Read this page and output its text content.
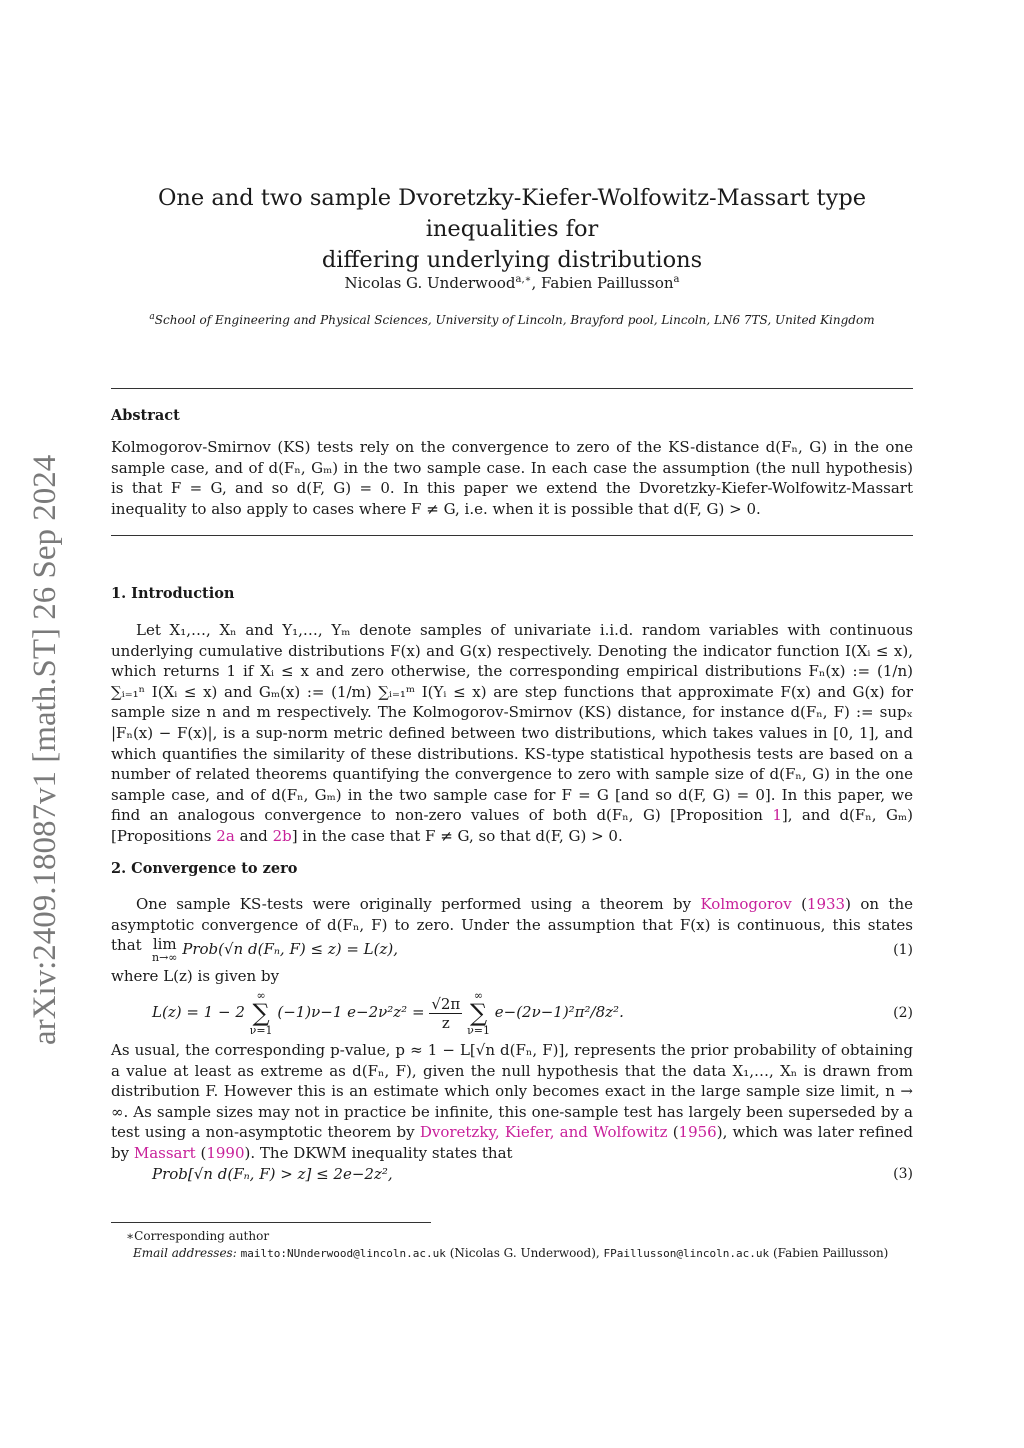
arXiv:2409.18087v1 [math.ST] 26 Sep 2024
One and two sample Dvoretzky-Kiefer-Wolfowitz-Massart type inequalities for
differing underlying distributions
Nicolas G. Underwood$^{a,∗}$, Fabien Paillusson$^a$
$^a$School of Engineering and Physical Sciences, University of Lincoln, Brayford pool, Lincoln, LN6 7TS, United Kingdom
Abstract
Kolmogorov-Smirnov (KS) tests rely on the convergence to zero of the KS-distance d(Fₙ, G) in the one sample case, and of d(Fₙ, Gₘ) in the two sample case. In each case the assumption (the null hypothesis) is that F = G, and so d(F, G) = 0. In this paper we extend the Dvoretzky-Kiefer-Wolfowitz-Massart inequality to also apply to cases where F ≠ G, i.e. when it is possible that d(F, G) > 0.
1. Introduction
Let X₁,…, Xₙ and Y₁,…, Yₘ denote samples of univariate i.i.d. random variables with continuous underlying cumulative distributions F(x) and G(x) respectively. Denoting the indicator function I(Xᵢ ≤ x), which returns 1 if Xᵢ ≤ x and zero otherwise, the corresponding empirical distributions Fₙ(x) := (1/n) ∑ᵢ₌₁ⁿ I(Xᵢ ≤ x) and Gₘ(x) := (1/m) ∑ᵢ₌₁ᵐ I(Yᵢ ≤ x) are step functions that approximate F(x) and G(x) for sample size n and m respectively. The Kolmogorov-Smirnov (KS) distance, for instance d(Fₙ, F) := supₓ |Fₙ(x) − F(x)|, is a sup-norm metric defined between two distributions, which takes values in [0, 1], and which quantifies the similarity of these distributions. KS-type statistical hypothesis tests are based on a number of related theorems quantifying the convergence to zero with sample size of d(Fₙ, G) in the one sample case, and of d(Fₙ, Gₘ) in the two sample case for F = G [and so d(F, G) = 0]. In this paper, we find an analogous convergence to non-zero values of both d(Fₙ, G) [Proposition 1], and d(Fₙ, Gₘ) [Propositions 2a and 2b] in the case that F ≠ G, so that d(F, G) > 0.
2. Convergence to zero
One sample KS-tests were originally performed using a theorem by Kolmogorov (1933) on the asymptotic convergence of d(Fₙ, F) to zero. Under the assumption that F(x) is continuous, this states that lim
n→∞ Prob(√n d(Fₙ, F) ≤ z) = L(z),	(1)
where L(z) is given by
L(z) = 1 − 2
∞
∑
ν=1
(−1)ν−1 $e-2\nu^2z^2 = \frac{√2\pi}{z}$
	∞
∑
ν=1
e−(2ν−1)²π²/8z².	(2)
As usual, the corresponding p-value, p ≈ 1 − L[√n d(Fₙ, F)], represents the prior probability of obtaining a value at least as extreme as d(Fₙ, F), given the null hypothesis that the data X₁,…, Xₙ is drawn from distribution F. However this is an estimate which only becomes exact in the large sample size limit, n → ∞. As sample sizes may not in practice be infinite, this one-sample test has largely been superseded by a test using a non-asymptotic theorem by Dvoretzky, Kiefer, and Wolfowitz (1956), which was later refined by Massart (1990). The DKWM inequality states that
Prob[√n d(Fₙ, F) > z] ≤ 2e−2z²,	(3)
∗Corresponding author
Email addresses: mailto:NUnderwood@lincoln.ac.uk (Nicolas G. Underwood), FPaillusson@lincoln.ac.uk (Fabien Paillusson)
